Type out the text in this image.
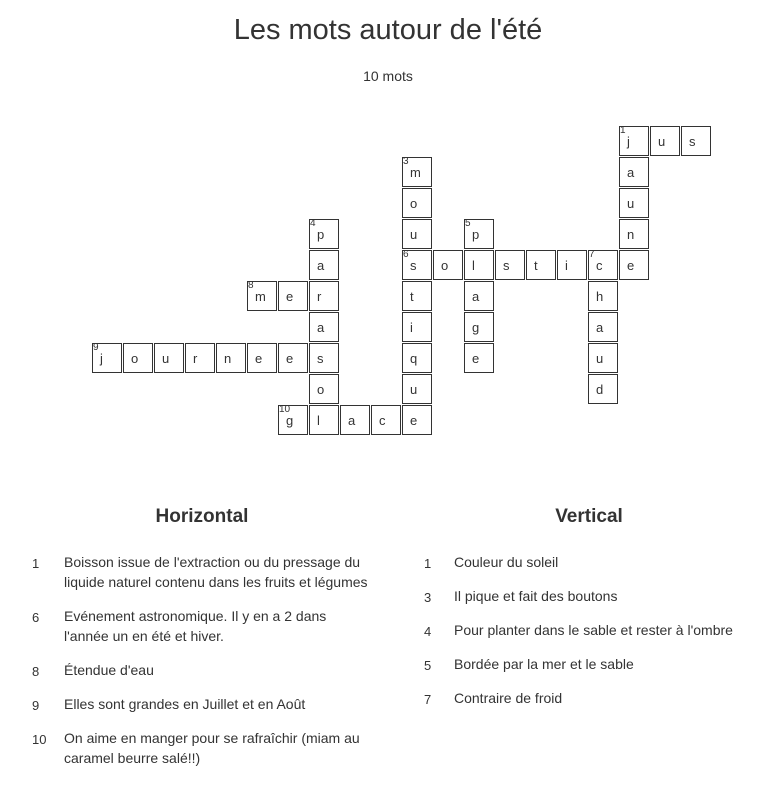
Les mots autour de l'été
10 mots
1
j u s
a
u
n
e
3
m
o
u
6
s
t
i
q
u
e
o l s t i
7
c
4
p
a
r
a
s
o
l
5
p
a
g
e
h
a
u
d
8
m e
9
j o u r n e e
10
g	a c
Horizontal
1 Boisson issue de l'extraction ou du pressage du liquide naturel contenu dans les fruits et légumes
6 Evénement astronomique. Il y en a 2 dans l'année un en été et hiver.
8 Étendue d'eau
9 Elles sont grandes en Juillet et en Août
10 On aime en manger pour se rafraîchir (miam au caramel beurre salé!!)
Vertical
1 Couleur du soleil
3 Il pique et fait des boutons
4 Pour planter dans le sable et rester à l'ombre
5 Bordée par la mer et le sable
7 Contraire de froid
